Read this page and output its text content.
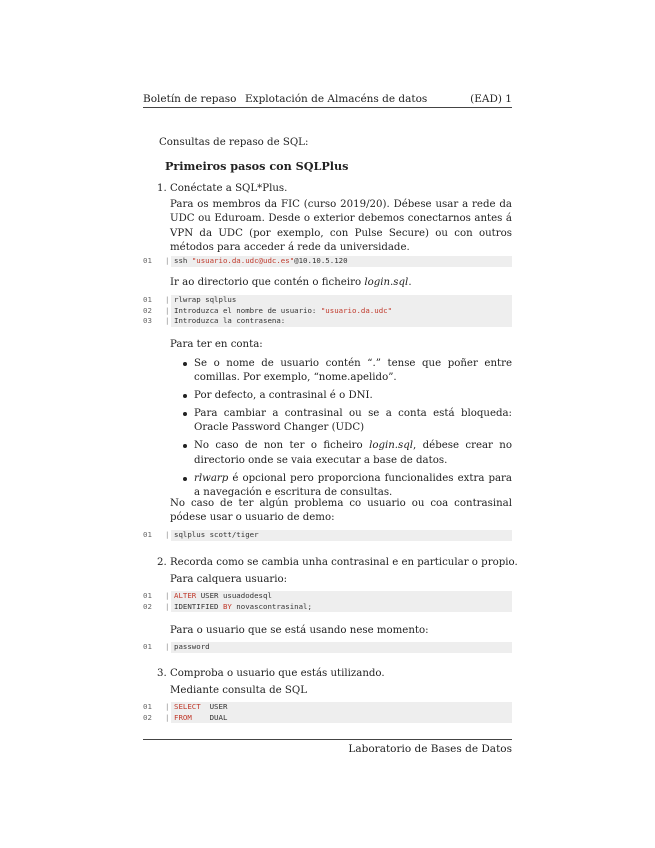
Boletín de repaso Explotación de Almacéns de datos	(EAD) 1
Consultas de repaso de SQL:
Primeiros pasos con SQLPlus
1. Conéctate a SQL*Plus.
Para os membros da FIC (curso 2019/20). Débese usar a rede da UDC ou Eduroam. Desde o exterior debemos conectarnos antes á VPN da UDC (por exemplo, con Pulse Secure) ou con outros métodos para acceder á rede da universidade.
01	| ssh "usuario.da.udc@udc.es"@10.10.5.120
Ir ao directorio que contén o ficheiro login.sql.
01	| rlwrap sqlplus
02	| Introduzca el nombre de usuario: "usuario.da.udc"
03	| Introduzca la contrasena:
Para ter en conta:
Se o nome de usuario contén “.” tense que poñer entre comillas. Por exemplo, “nome.apelido”.
Por defecto, a contrasinal é o DNI.
Para cambiar a contrasinal ou se a conta está bloqueda: Oracle Password Changer (UDC)
No caso de non ter o ficheiro login.sql, débese crear no directorio onde se vaia executar a base de datos.
rlwarp é opcional pero proporciona funcionalides extra para a navegación e escritura de consultas.
No caso de ter algún problema co usuario ou coa contrasinal pódese usar o usuario de demo:
01	| sqlplus scott/tiger
2. Recorda como se cambia unha contrasinal e en particular o propio.
Para calquera usuario:
01	| ALTER USER usuadodesql
02	| IDENTIFIED BY novascontrasinal;
Para o usuario que se está usando nese momento:
01	| password
3. Comproba o usuario que estás utilizando.
Mediante consulta de SQL
01	| SELECT  USER
02	| FROM    DUAL
Laboratorio de Bases de Datos
